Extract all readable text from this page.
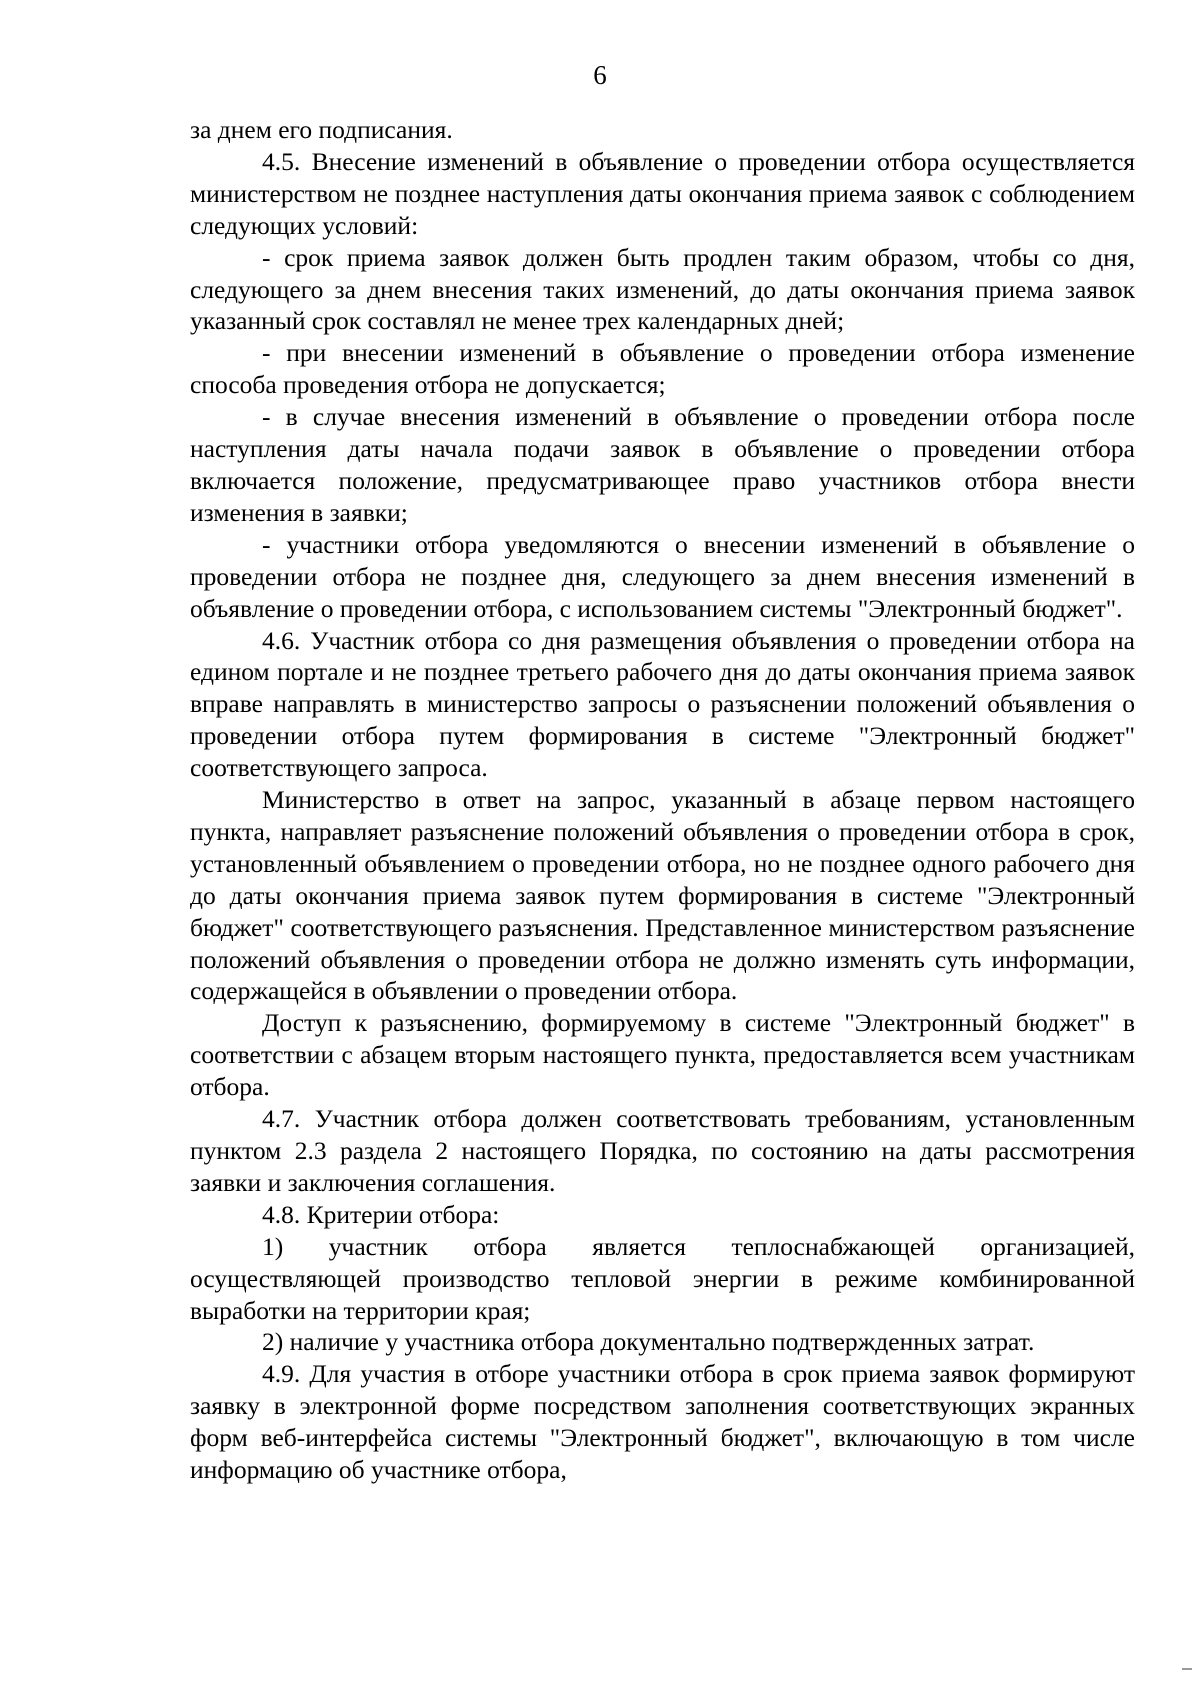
6

за днем его подписания.

4.5. Внесение изменений в объявление о проведении отбора осуществляется министерством не позднее наступления даты окончания приема заявок с соблюдением следующих условий:

- срок приема заявок должен быть продлен таким образом, чтобы со дня, следующего за днем внесения таких изменений, до даты окончания приема заявок указанный срок составлял не менее трех календарных дней;

- при внесении изменений в объявление о проведении отбора изменение способа проведения отбора не допускается;

- в случае внесения изменений в объявление о проведении отбора после наступления даты начала подачи заявок в объявление о проведении отбора включается положение, предусматривающее право участников отбора внести изменения в заявки;

- участники отбора уведомляются о внесении изменений в объявление о проведении отбора не позднее дня, следующего за днем внесения изменений в объявление о проведении отбора, с использованием системы "Электронный бюджет".

4.6. Участник отбора со дня размещения объявления о проведении отбора на едином портале и не позднее третьего рабочего дня до даты окончания приема заявок вправе направлять в министерство запросы о разъяснении положений объявления о проведении отбора путем формирования в системе "Электронный бюджет" соответствующего запроса.

Министерство в ответ на запрос, указанный в абзаце первом настоящего пункта, направляет разъяснение положений объявления о проведении отбора в срок, установленный объявлением о проведении отбора, но не позднее одного рабочего дня до даты окончания приема заявок путем формирования в системе "Электронный бюджет" соответствующего разъяснения. Представленное министерством разъяснение положений объявления о проведении отбора не должно изменять суть информации, содержащейся в объявлении о проведении отбора.

Доступ к разъяснению, формируемому в системе "Электронный бюджет" в соответствии с абзацем вторым настоящего пункта, предоставляется всем участникам отбора.

4.7. Участник отбора должен соответствовать требованиям, установленным пунктом 2.3 раздела 2 настоящего Порядка, по состоянию на даты рассмотрения заявки и заключения соглашения.

4.8. Критерии отбора:

1) участник отбора является теплоснабжающей организацией, осуществляющей производство тепловой энергии в режиме комбинированной выработки на территории края;

2) наличие у участника отбора документально подтвержденных затрат.

4.9. Для участия в отборе участники отбора в срок приема заявок формируют заявку в электронной форме посредством заполнения соответствующих экранных форм веб-интерфейса системы "Электронный бюджет", включающую в том числе информацию об участнике отбора,
